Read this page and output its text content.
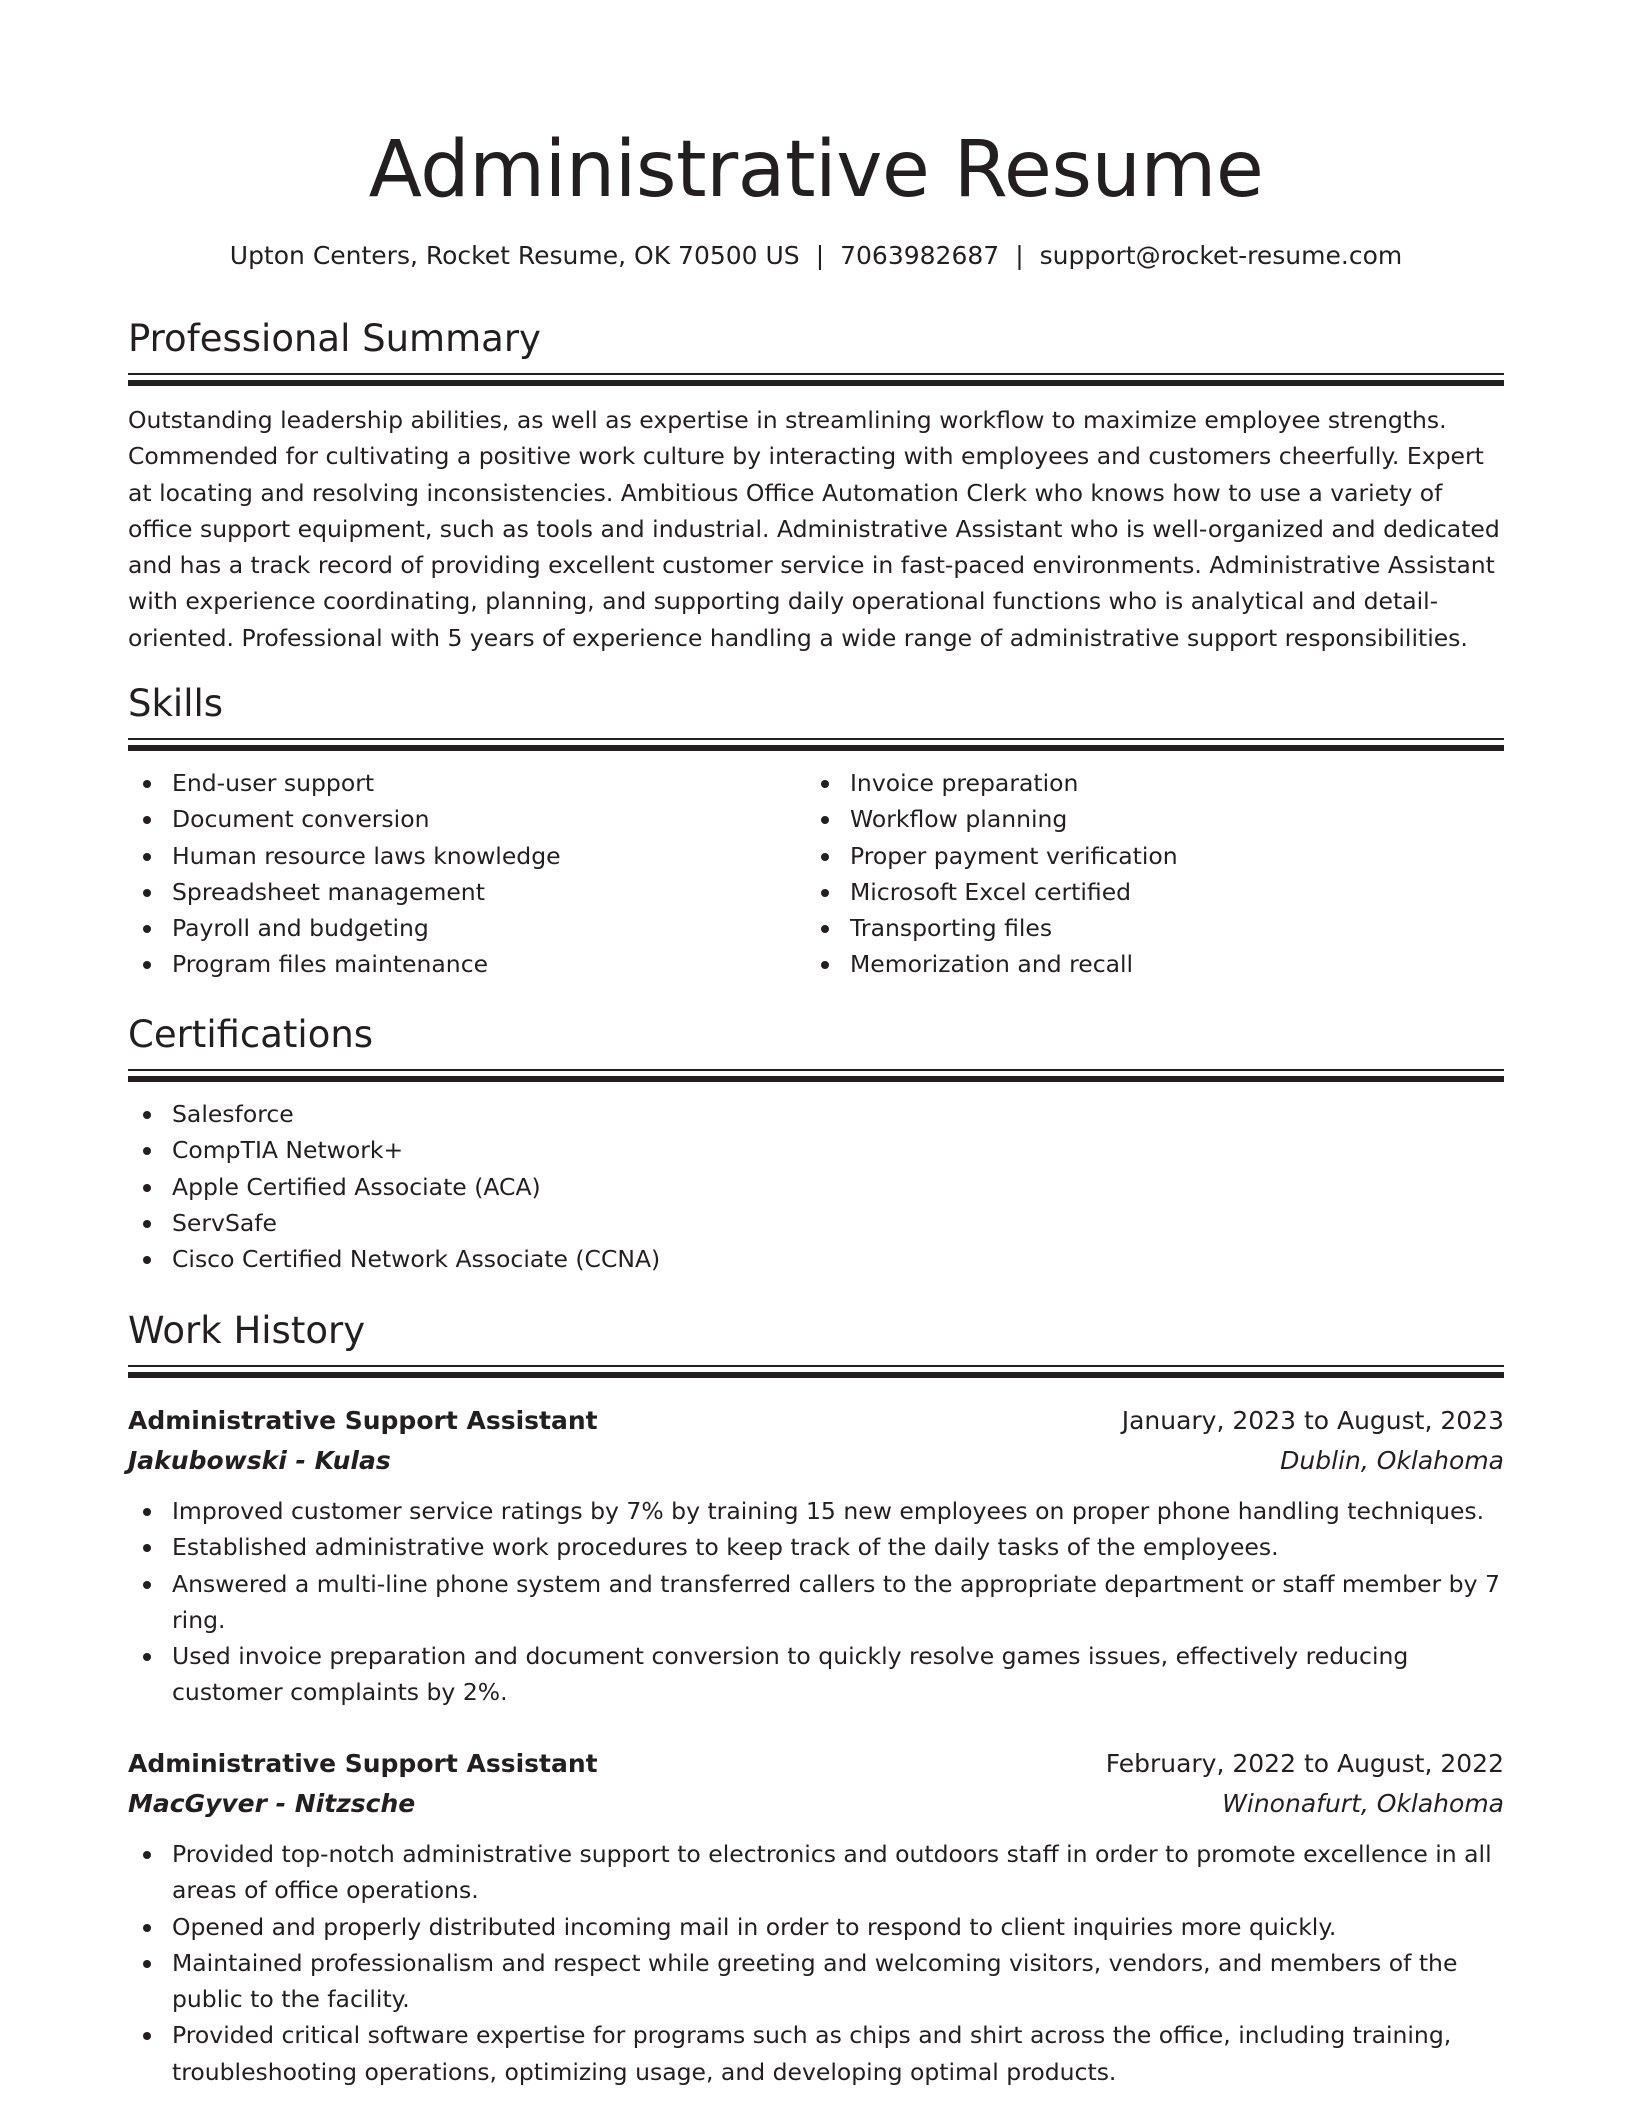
Administrative Resume
Upton Centers, Rocket Resume, OK 70500 US | 7063982687 | support@rocket-resume.com
Professional Summary
Outstanding leadership abilities, as well as expertise in streamlining workflow to maximize employee strengths. Commended for cultivating a positive work culture by interacting with employees and customers cheerfully. Expert at locating and resolving inconsistencies. Ambitious Office Automation Clerk who knows how to use a variety of office support equipment, such as tools and industrial. Administrative Assistant who is well-organized and dedicated and has a track record of providing excellent customer service in fast-paced environments. Administrative Assistant with experience coordinating, planning, and supporting daily operational functions who is analytical and detail-oriented. Professional with 5 years of experience handling a wide range of administrative support responsibilities.
Skills
End-user support
Document conversion
Human resource laws knowledge
Spreadsheet management
Payroll and budgeting
Program files maintenance
Invoice preparation
Workflow planning
Proper payment verification
Microsoft Excel certified
Transporting files
Memorization and recall
Certifications
Salesforce
CompTIA Network+
Apple Certified Associate (ACA)
ServSafe
Cisco Certified Network Associate (CCNA)
Work History
Administrative Support Assistant	January, 2023 to August, 2023
Jakubowski - Kulas	Dublin, Oklahoma
Improved customer service ratings by 7% by training 15 new employees on proper phone handling techniques.
Established administrative work procedures to keep track of the daily tasks of the employees.
Answered a multi-line phone system and transferred callers to the appropriate department or staff member by 7 ring.
Used invoice preparation and document conversion to quickly resolve games issues, effectively reducing customer complaints by 2%.
Administrative Support Assistant	February, 2022 to August, 2022
MacGyver - Nitzsche	Winonafurt, Oklahoma
Provided top-notch administrative support to electronics and outdoors staff in order to promote excellence in all areas of office operations.
Opened and properly distributed incoming mail in order to respond to client inquiries more quickly.
Maintained professionalism and respect while greeting and welcoming visitors, vendors, and members of the public to the facility.
Provided critical software expertise for programs such as chips and shirt across the office, including training, troubleshooting operations, optimizing usage, and developing optimal products.
